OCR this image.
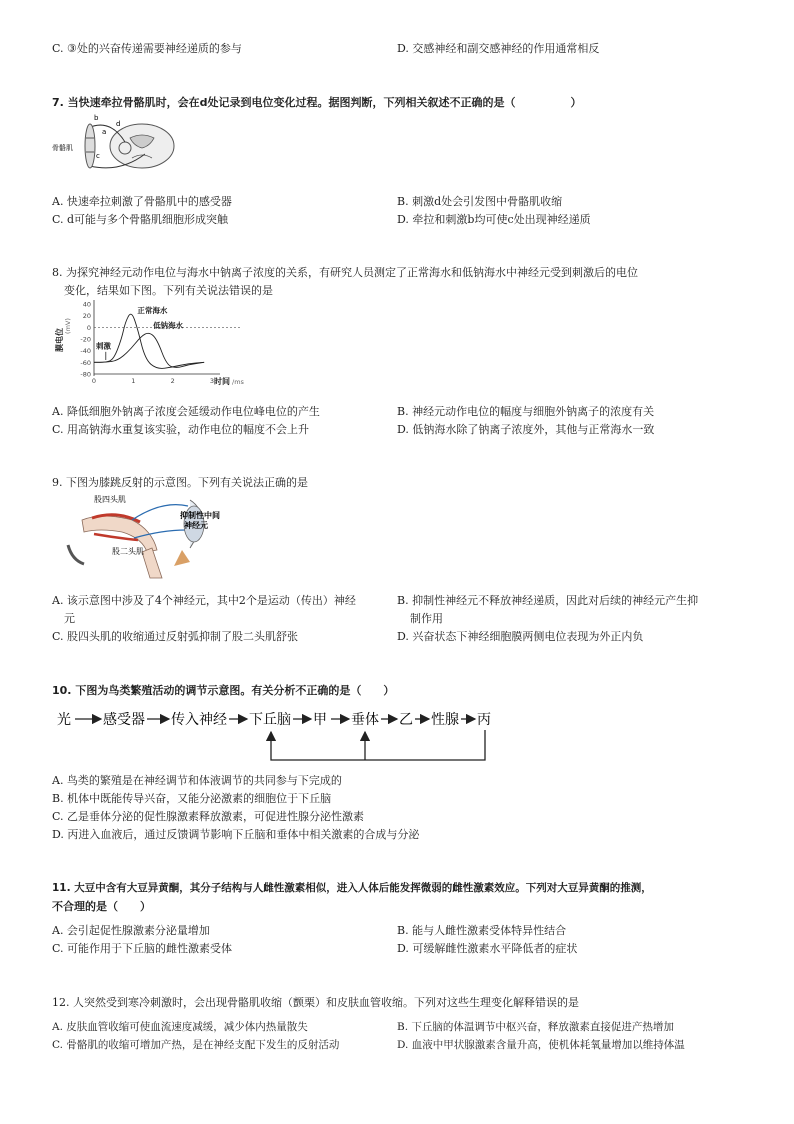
C. ③处的兴奋传递需要神经递质的参与	D. 交感神经和副交感神经的作用通常相反
7. 当快速牵拉骨骼肌时，会在d处记录到电位变化过程。据图判断，下列相关叙述不正确的是（　　　　　）
骨骼肌
b
a
c
d
A. 快速牵拉刺激了骨骼肌中的感受器	B. 刺激d处会引发图中骨骼肌收缩
C. d可能与多个骨骼肌细胞形成突触	D. 牵拉和刺激b均可使c处出现神经递质
8. 为探究神经元动作电位与海水中钠离子浓度的关系，有研究人员测定了正常海水和低钠海水中神经元受到刺激后的电位
变化，结果如下图。下列有关说法错误的是
40
20
0
-20
-40
-60
-80
0	1	2	3
膜电位
(mV)
时间 /ms
刺激
正常海水
低钠海水
A. 降低细胞外钠离子浓度会延缓动作电位峰电位的产生	B. 神经元动作电位的幅度与细胞外钠离子的浓度有关
C. 用高钠海水重复该实验，动作电位的幅度不会上升	D. 低钠海水除了钠离子浓度外，其他与正常海水一致
9. 下图为膝跳反射的示意图。下列有关说法正确的是
股四头肌
抑制性中间
神经元
股二头肌
A. 该示意图中涉及了4个神经元，其中2个是运动（传出）神经
元
B. 抑制性神经元不释放神经递质，因此对后续的神经元产生抑
制作用
C. 股四头肌的收缩通过反射弧抑制了股二头肌舒张	D. 兴奋状态下神经细胞膜两侧电位表现为外正内负
10. 下图为鸟类繁殖活动的调节示意图。有关分析不正确的是（　　）
光 感受器 传入神经 下丘脑 甲 垂体 乙 性腺 丙
A. 鸟类的繁殖是在神经调节和体液调节的共同参与下完成的
B. 机体中既能传导兴奋，又能分泌激素的细胞位于下丘脑
C. 乙是垂体分泌的促性腺激素释放激素，可促进性腺分泌性激素
D. 丙进入血液后，通过反馈调节影响下丘脑和垂体中相关激素的合成与分泌
11. 大豆中含有大豆异黄酮，其分子结构与人雌性激素相似，进入人体后能发挥微弱的雌性激素效应。下列对大豆异黄酮的推测，
不合理的是（　　）
A. 会引起促性腺激素分泌量增加	B. 能与人雌性激素受体特异性结合
C. 可能作用于下丘脑的雌性激素受体	D. 可缓解雌性激素水平降低者的症状
12. 人突然受到寒冷刺激时，会出现骨骼肌收缩（颤栗）和皮肤血管收缩。下列对这些生理变化解释错误的是
A. 皮肤血管收缩可使血流速度减缓，减少体内热量散失	B. 下丘脑的体温调节中枢兴奋，释放激素直接促进产热增加
C. 骨骼肌的收缩可增加产热，是在神经支配下发生的反射活动	D. 血液中甲状腺激素含量升高，使机体耗氧量增加以维持体温
